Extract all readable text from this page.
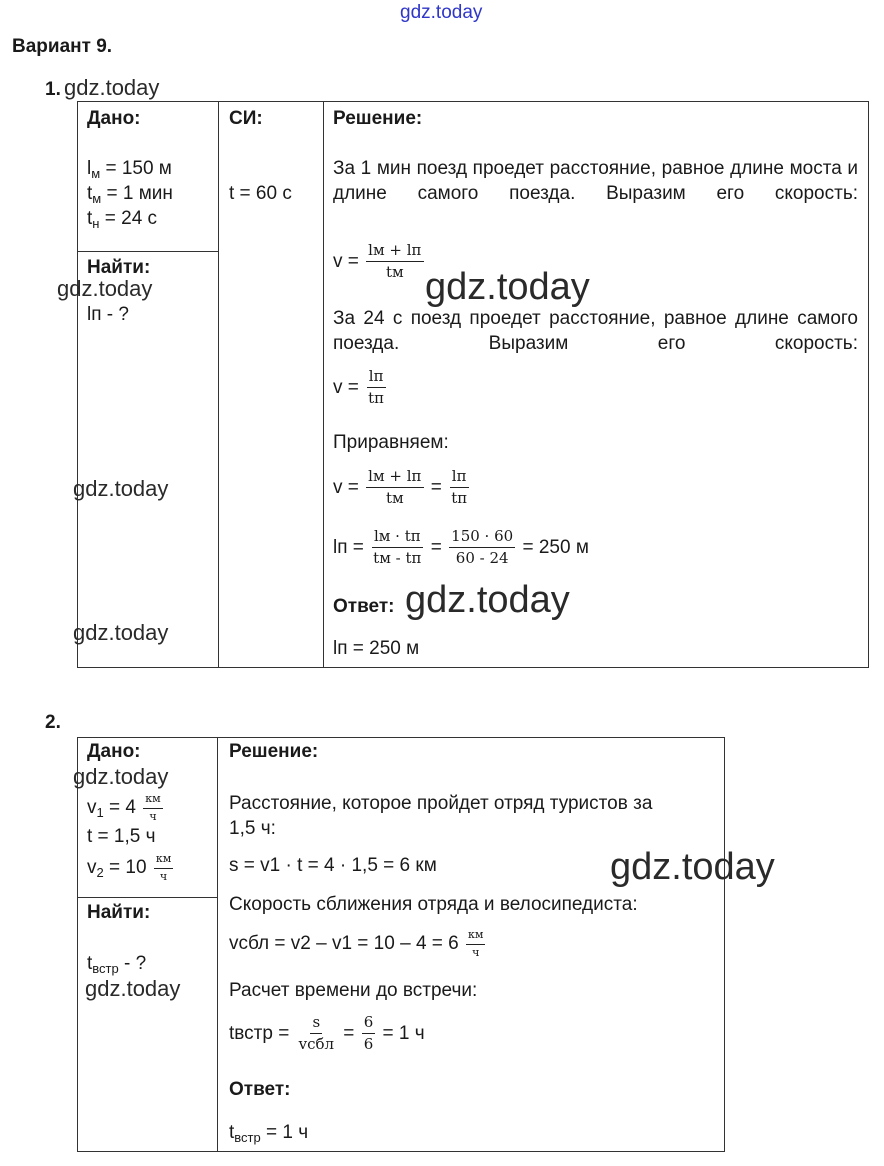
gdz.today
Вариант 9.
1. gdz.today
Дано:
$l_м = 150$ м
$t_м = 1$ мин
$t_н = 24$ с
Найти:
gdz.today
lп - ?
gdz.today
gdz.today
СИ:
t = 60 с
Решение:
За 1 мин поезд проедет расстояние, равное длине моста и длине самого поезда. Выразим его скорость:
$v = \frac{lм + lп}{tм}$
gdz.today
За 24 с поезд проедет расстояние, равное длине самого поезда. Выразим его скорость:
$v = \frac{lп}{tп}$
Приравняем:
$v = \frac{lм + lп}{tм} = \frac{lп}{tп}$
lп = $\frac{lм \cdot tп}{tм - tп} = \frac{150 \cdot 60}{60 - 24} = 250$ м
Ответ: gdz.today
lп = 250 м
2.
Дано:
gdz.today
$v_1 = 4 \frac{км}{ч}$
t = 1,5 ч
$v_2 = 10 \frac{км}{ч}$
Найти:
$t_{встр}$ - ?
gdz.today
Решение:
Расстояние, которое пройдет отряд туристов за
1,5 ч:
s = v1 · t = 4 · 1,5 = 6 км	gdz.today
Скорость сближения отряда и велосипедиста:
vсбл = $v2 - v1 = 10 - 4 = 6 \frac{км}{ч}$
Расчет времени до встречи:
tвстр = $\frac{s}{\text{vсбл}} = \frac{6}{6} = 1$ ч
Ответ:
$t_{встр} = 1$ ч
